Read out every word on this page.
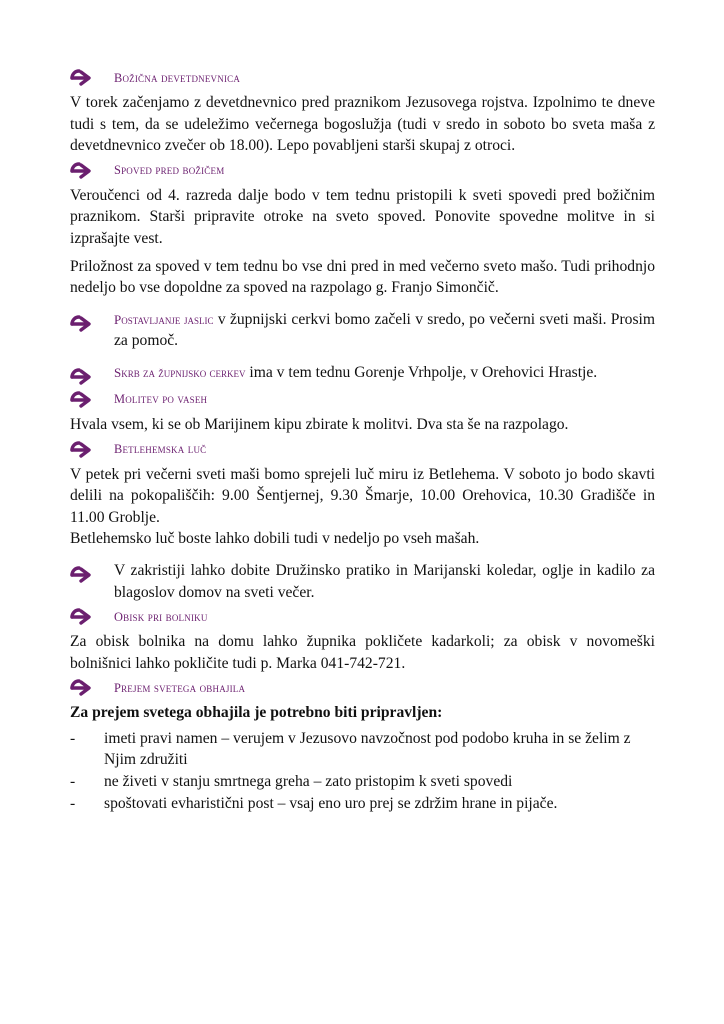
Božična devetdnevnica

V torek začenjamo z devetdnevnico pred praznikom Jezusovega rojstva. Izpolnimo te dneve tudi s tem, da se udeležimo večernega bogoslužja (tudi v sredo in soboto bo sveta maša z devetdnevnico zvečer ob 18.00). Lepo povabljeni starši skupaj z otroci.

Spoved pred božičem

Veroučenci od 4. razreda dalje bodo v tem tednu pristopili k sveti spovedi pred božičnim praznikom. Starši pripravite otroke na sveto spoved. Ponovite spovedne molitve in si izprašajte vest.

Priložnost za spoved v tem tednu bo vse dni pred in med večerno sveto mašo. Tudi prihodnjo nedeljo bo vse dopoldne za spoved na razpolago g. Franjo Simončič.

Postavljanje jaslic v župnijski cerkvi bomo začeli v sredo, po večerni sveti maši. Prosim za pomoč.

Skrb za župnijsko cerkev ima v tem tednu Gorenje Vrhpolje, v Orehovici Hrastje.

Molitev po vaseh

Hvala vsem, ki se ob Marijinem kipu zbirate k molitvi. Dva sta še na razpolago.

Betlehemska luč

V petek pri večerni sveti maši bomo sprejeli luč miru iz Betlehema. V soboto jo bodo skavti delili na pokopališčih: 9.00 Šentjernej, 9.30 Šmarje, 10.00 Orehovica, 10.30 Gradišče in 11.00 Groblje.

Betlehemsko luč boste lahko dobili tudi v nedeljo po vseh mašah.

V zakristiji lahko dobite Družinsko pratiko in Marijanski koledar, oglje in kadilo za blagoslov domov na sveti večer.

Obisk pri bolniku

Za obisk bolnika na domu lahko župnika pokličete kadarkoli; za obisk v novomeški bolnišnici lahko pokličite tudi p. Marka 041-742-721.

Prejem svetega obhajila

Za prejem svetega obhajila je potrebno biti pripravljen:

-	imeti pravi namen – verujem v Jezusovo navzočnost pod podobo kruha in se želim z Njim združiti
-	ne živeti v stanju smrtnega greha – zato pristopim k sveti spovedi
-	spoštovati evharistični post – vsaj eno uro prej se zdržim hrane in pijače.
